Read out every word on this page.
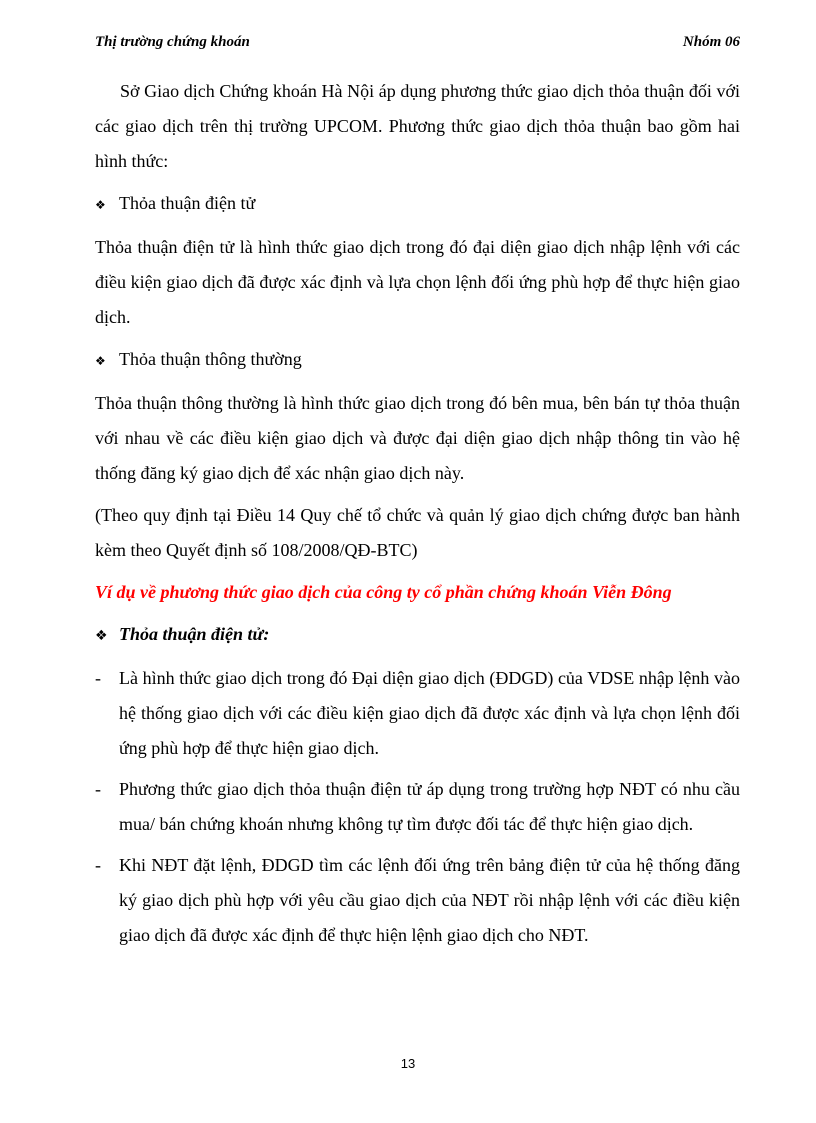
Thị trường chứng khoán	Nhóm 06

Sở Giao dịch Chứng khoán Hà Nội áp dụng phương thức giao dịch thỏa thuận đối với các giao dịch trên thị trường UPCOM. Phương thức giao dịch thỏa thuận bao gồm hai hình thức:

❖ Thỏa thuận điện tử

Thỏa thuận điện tử là hình thức giao dịch trong đó đại diện giao dịch nhập lệnh với các điều kiện giao dịch đã được xác định và lựa chọn lệnh đối ứng phù hợp để thực hiện giao dịch.

❖ Thỏa thuận thông thường

Thỏa thuận thông thường là hình thức giao dịch trong đó bên mua, bên bán tự thỏa thuận với nhau về các điều kiện giao dịch và được đại diện giao dịch nhập thông tin vào hệ thống đăng ký giao dịch để xác nhận giao dịch này.

(Theo quy định tại Điều 14 Quy chế tổ chức và quản lý giao dịch chứng được ban hành kèm theo Quyết định số 108/2008/QĐ-BTC)

Ví dụ về phương thức giao dịch của công ty cổ phần chứng khoán Viễn Đông
❖ Thỏa thuận điện tử:
-	Là hình thức giao dịch trong đó Đại diện giao dịch (ĐDGD) của VDSE nhập lệnh vào hệ thống giao dịch với các điều kiện giao dịch đã được xác định và lựa chọn lệnh đối ứng phù hợp để thực hiện giao dịch.
-	Phương thức giao dịch thỏa thuận điện tử áp dụng trong trường hợp NĐT có nhu cầu mua/ bán chứng khoán nhưng không tự tìm được đối tác để thực hiện giao dịch.
-	Khi NĐT đặt lệnh, ĐDGD tìm các lệnh đối ứng trên bảng điện tử của hệ thống đăng ký giao dịch phù hợp với yêu cầu giao dịch của NĐT rồi nhập lệnh với các điều kiện giao dịch đã được xác định để thực hiện lệnh giao dịch cho NĐT.
13
